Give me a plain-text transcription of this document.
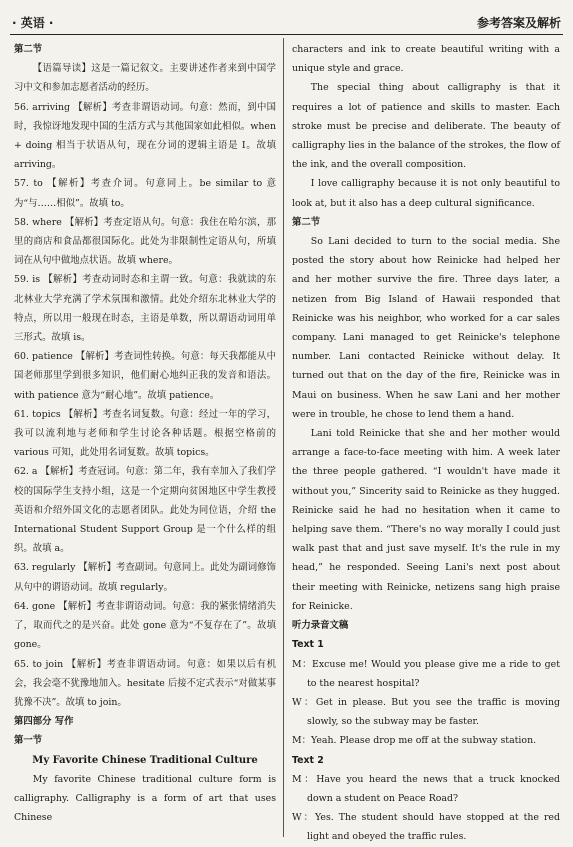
· 英语 ·	参考答案及解析

第二节

【语篇导读】这是一篇记叙文。主要讲述作者来到中国学习中文和参加志愿者活动的经历。

56. arriving 【解析】考查非谓语动词。句意：然而，到中国时，我惊讶地发现中国的生活方式与其他国家如此相似。when + doing 相当于状语从句，现在分词的逻辑主语是 I。故填 arriving。

57. to 【解析】考查介词。句意同上。be similar to 意为“与……相似”。故填 to。

58. where 【解析】考查定语从句。句意：我住在哈尔滨，那里的商店和食品都很国际化。此处为非限制性定语从句，所填词在从句中做地点状语。故填 where。

59. is 【解析】考查动词时态和主谓一致。句意：我就读的东北林业大学充满了学术氛围和激情。此处介绍东北林业大学的特点，所以用一般现在时态，主语是单数，所以谓语动词用单三形式。故填 is。

60. patience 【解析】考查词性转换。句意：每天我都能从中国老师那里学到很多知识，他们耐心地纠正我的发音和语法。with patience 意为“耐心地”。故填 patience。

61. topics 【解析】考查名词复数。句意：经过一年的学习，我可以流利地与老师和学生讨论各种话题。根据空格前的 various 可知，此处用名词复数。故填 topics。

62. a 【解析】考查冠词。句意：第二年，我有幸加入了我们学校的国际学生支持小组，这是一个定期向贫困地区中学生教授英语和介绍外国文化的志愿者团队。此处为同位语，介绍 the International Student Support Group 是一个什么样的组织。故填 a。

63. regularly 【解析】考查副词。句意同上。此处为副词修饰从句中的谓语动词。故填 regularly。

64. gone 【解析】考查非谓语动词。句意：我的紧张情绪消失了，取而代之的是兴奋。此处 gone 意为“不复存在了”。故填 gone。

65. to join 【解析】考查非谓语动词。句意：如果以后有机会，我会毫不犹豫地加入。hesitate 后接不定式表示“对做某事犹豫不决”。故填 to join。

第四部分 写作

第一节

My Favorite Chinese Traditional Culture

My favorite Chinese traditional culture form is calligraphy. Calligraphy is a form of art that uses Chinese

characters and ink to create beautiful writing with a unique style and grace.

The special thing about calligraphy is that it requires a lot of patience and skills to master. Each stroke must be precise and deliberate. The beauty of calligraphy lies in the balance of the strokes, the flow of the ink, and the overall composition.

I love calligraphy because it is not only beautiful to look at, but it also has a deep cultural significance.

第二节

So Lani decided to turn to the social media. She posted the story about how Reinicke had helped her and her mother survive the fire. Three days later, a netizen from Big Island of Hawaii responded that Reinicke was his neighbor, who worked for a car sales company. Lani managed to get Reinicke's telephone number. Lani contacted Reinicke without delay. It turned out that on the day of the fire, Reinicke was in Maui on business. When he saw Lani and her mother were in trouble, he chose to lend them a hand.

Lani told Reinicke that she and her mother would arrange a face-to-face meeting with him. A week later the three people gathered. “I wouldn't have made it without you,” Sincerity said to Reinicke as they hugged. Reinicke said he had no hesitation when it came to helping save them. “There's no way morally I could just walk past that and just save myself. It's the rule in my head,” he responded. Seeing Lani's next post about their meeting with Reinicke, netizens sang high praise for Reinicke.

听力录音文稿

Text 1

M：Excuse me! Would you please give me a ride to get to the nearest hospital?

W：Get in please. But you see the traffic is moving slowly, so the subway may be faster.

M：Yeah. Please drop me off at the subway station.

Text 2

M：Have you heard the news that a truck knocked down a student on Peace Road?

W：Yes. The student should have stopped at the red light and obeyed the traffic rules.
